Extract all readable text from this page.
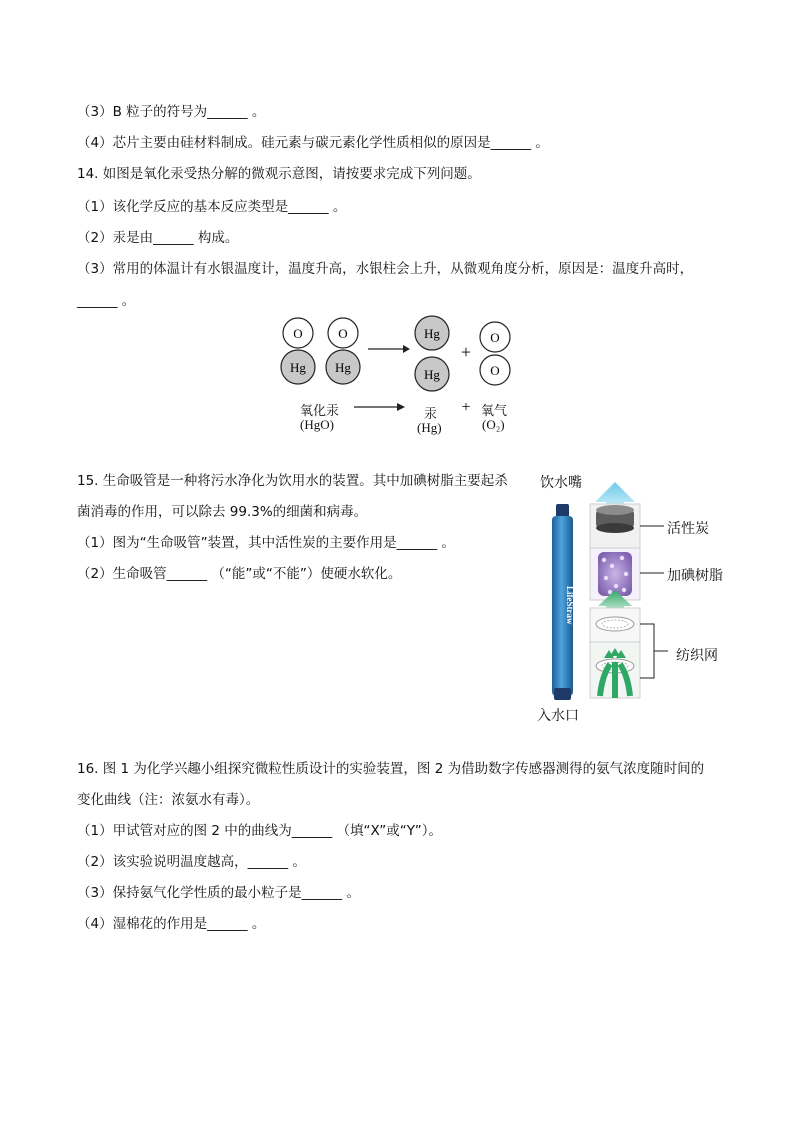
（3）B 粒子的符号为______ 。
（4）芯片主要由硅材料制成。硅元素与碳元素化学性质相似的原因是______ 。
14. 如图是氧化汞受热分解的微观示意图，请按要求完成下列问题。
（1）该化学反应的基本反应类型是______ 。
（2）汞是由______ 构成。
（3）常用的体温计有水银温度计，温度升高，水银柱会上升，从微观角度分析，原因是：温度升高时，
______ 。
O
Hg
O
Hg
Hg
Hg
+
O
O
+
氧化汞
(HgO)
汞
(Hg)
氧气
(O₂)
15. 生命吸管是一种将污水净化为饮用水的装置。其中加碘树脂主要起杀
菌消毒的作用，可以除去 99.3%的细菌和病毒。
（1）图为“生命吸管”装置，其中活性炭的主要作用是______ 。
（2）生命吸管______ （“能”或“不能”）使硬水软化。
饮水嘴
活性炭
加碘树脂
纺织网
入水口
LifeStraw
16. 图 1 为化学兴趣小组探究微粒性质设计的实验装置，图 2 为借助数字传感器测得的氨气浓度随时间的
变化曲线（注：浓氨水有毒）。
（1）甲试管对应的图 2 中的曲线为______ （填“X”或“Y”）。
（2）该实验说明温度越高，______ 。
（3）保持氨气化学性质的最小粒子是______ 。
（4）湿棉花的作用是______ 。
